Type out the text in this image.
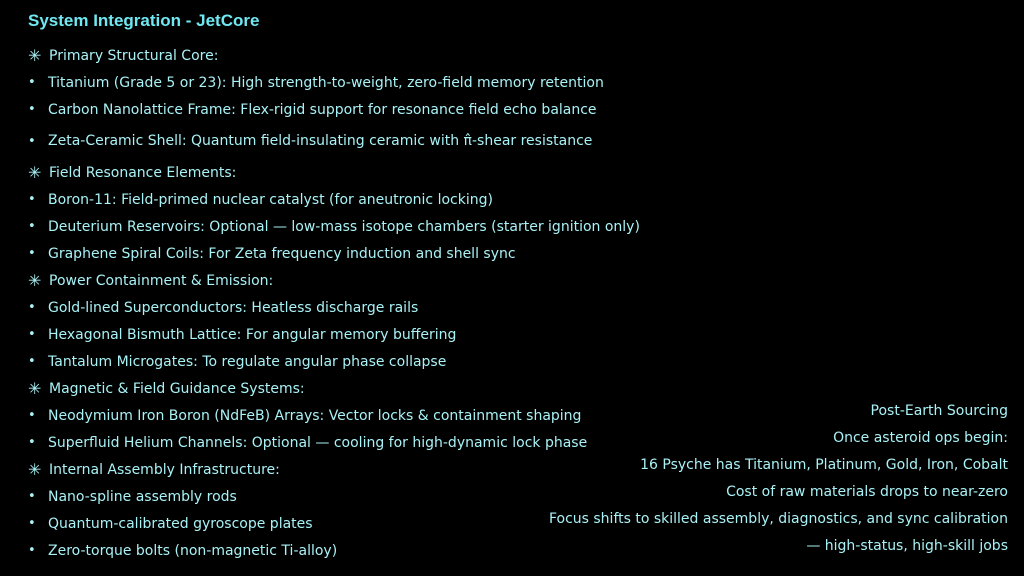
System Integration - JetCore
✳ Primary Structural Core:
• Titanium (Grade 5 or 23): High strength-to-weight, zero-field memory retention
• Carbon Nanolattice Frame: Flex-rigid support for resonance field echo balance
• Zeta-Ceramic Shell: Quantum field-insulating ceramic with π̂-shear resistance
✳ Field Resonance Elements:
• Boron-11: Field-primed nuclear catalyst (for aneutronic locking)
• Deuterium Reservoirs: Optional — low-mass isotope chambers (starter ignition only)
• Graphene Spiral Coils: For Zeta frequency induction and shell sync
✳ Power Containment & Emission:
• Gold-lined Superconductors: Heatless discharge rails
• Hexagonal Bismuth Lattice: For angular memory buffering
• Tantalum Microgates: To regulate angular phase collapse
✳ Magnetic & Field Guidance Systems:
• Neodymium Iron Boron (NdFeB) Arrays: Vector locks & containment shaping
• Superfluid Helium Channels: Optional — cooling for high-dynamic lock phase
✳ Internal Assembly Infrastructure:
• Nano-spline assembly rods
• Quantum-calibrated gyroscope plates
• Zero-torque bolts (non-magnetic Ti-alloy)
Post-Earth Sourcing
Once asteroid ops begin:
16 Psyche has Titanium, Platinum, Gold, Iron, Cobalt
Cost of raw materials drops to near-zero
Focus shifts to skilled assembly, diagnostics, and sync calibration
— high-status, high-skill jobs
